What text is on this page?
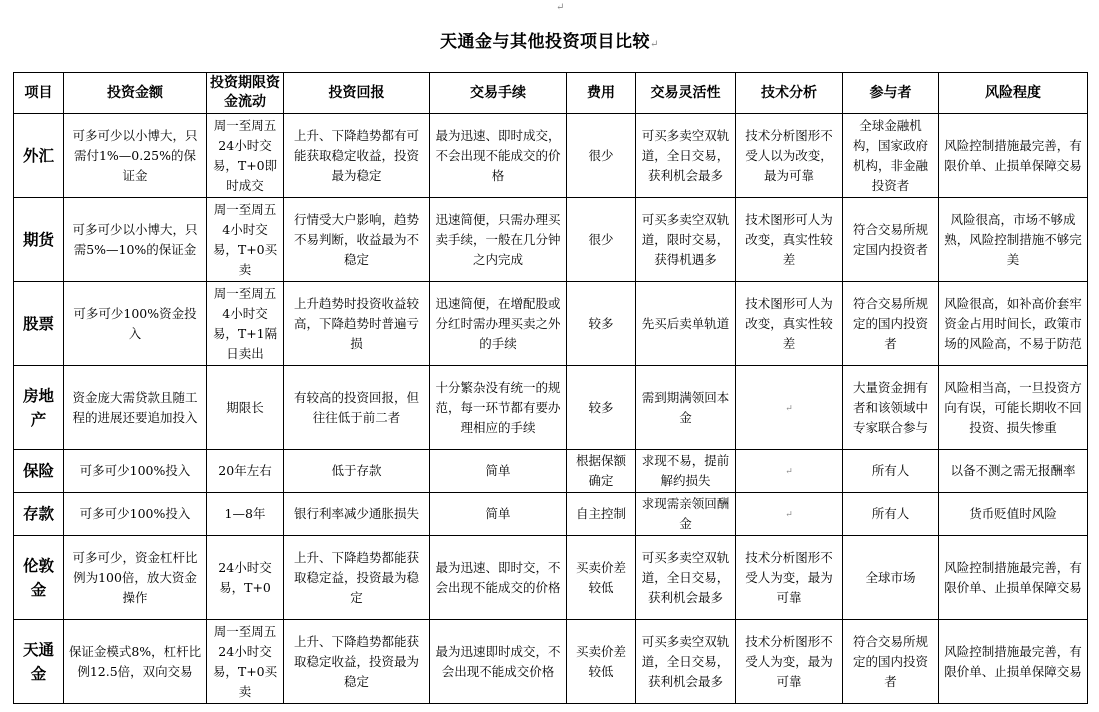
↵
天通金与其他投资项目比较↵
项目	投资金额	投资期限资金流动	投资回报	交易手续	费用	交易灵活性	技术分析	参与者	风险程度
外汇	可多可少以小博大，只需付1%—0.25%的保证金	周一至周五24小时交易，T+0即时成交	上升、下降趋势都有可能获取稳定收益，投资最为稳定	最为迅速、即时成交，不会出现不能成交的价格	很少	可买多卖空双轨道，全日交易，获利机会最多	技术分析图形不受人以为改变，最为可靠	全球金融机构，国家政府机构，非金融投资者	风险控制措施最完善，有限价单、止损单保障交易
期货	可多可少以小博大，只需5%—10%的保证金	周一至周五4小时交易，T+0买卖	行情受大户影响，趋势不易判断，收益最为不稳定	迅速简便，只需办理买卖手续，一般在几分钟之内完成	很少	可买多卖空双轨道，限时交易，获得机遇多	技术图形可人为改变，真实性较差	符合交易所规定国内投资者	风险很高，市场不够成熟，风险控制措施不够完美
股票	可多可少100%资金投入	周一至周五4小时交易，T+1隔日卖出	上升趋势时投资收益较高，下降趋势时普遍亏损	迅速简便，在增配股或分红时需办理买卖之外的手续	较多	先买后卖单轨道	技术图形可人为改变，真实性较差	符合交易所规定的国内投资者	风险很高，如补高价套牢资金占用时间长，政策市场的风险高，不易于防范
房地产	资金庞大需贷款且随工程的进展还要追加投入	期限长	有较高的投资回报，但往往低于前二者	十分繁杂没有统一的规范，每一环节都有要办理相应的手续	较多	需到期满领回本金	↵	大量资金拥有者和该领域中专家联合参与	风险相当高，一旦投资方向有误，可能长期收不回投资、损失惨重
保险	可多可少100%投入	20年左右	低于存款	简单	根据保额确定	求现不易，提前解约损失	↵	所有人	以备不测之需无报酬率
存款	可多可少100%投入	1—8年	银行利率减少通胀损失	简单	自主控制	求现需亲领回酬金	↵	所有人	货币贬值时风险
伦敦金	可多可少，资金杠杆比例为100倍，放大资金操作	24小时交易，T+0	上升、下降趋势都能获取稳定益，投资最为稳定	最为迅速、即时交，不会出现不能成交的价格	买卖价差较低	可买多卖空双轨道，全日交易，获利机会最多	技术分析图形不受人为变，最为可靠	全球市场	风险控制措施最完善，有限价单、止损单保障交易
天通金	保证金模式8%，杠杆比例12.5倍，双向交易	周一至周五24小时交易，T+0买卖	上升、下降趋势都能获取稳定收益，投资最为稳定	最为迅速即时成交，不会出现不能成交价格	买卖价差较低	可买多卖空双轨道，全日交易，获利机会最多	技术分析图形不受人为变，最为可靠	符合交易所规定的国内投资者	风险控制措施最完善，有限价单、止损单保障交易
